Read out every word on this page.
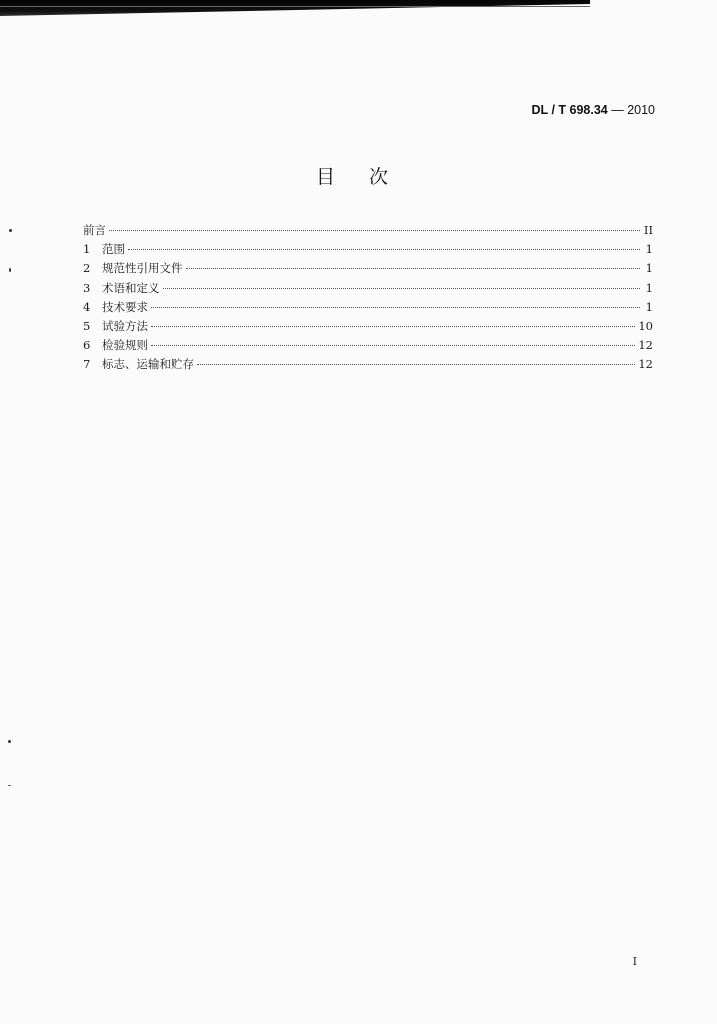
DL / T 698.34 — 2010
目次
前言	II
1	范围	1
2	规范性引用文件	1
3	术语和定义	1
4	技术要求	1
5	试验方法	10
6	检验规则	12
7	标志、运输和贮存	12
I
